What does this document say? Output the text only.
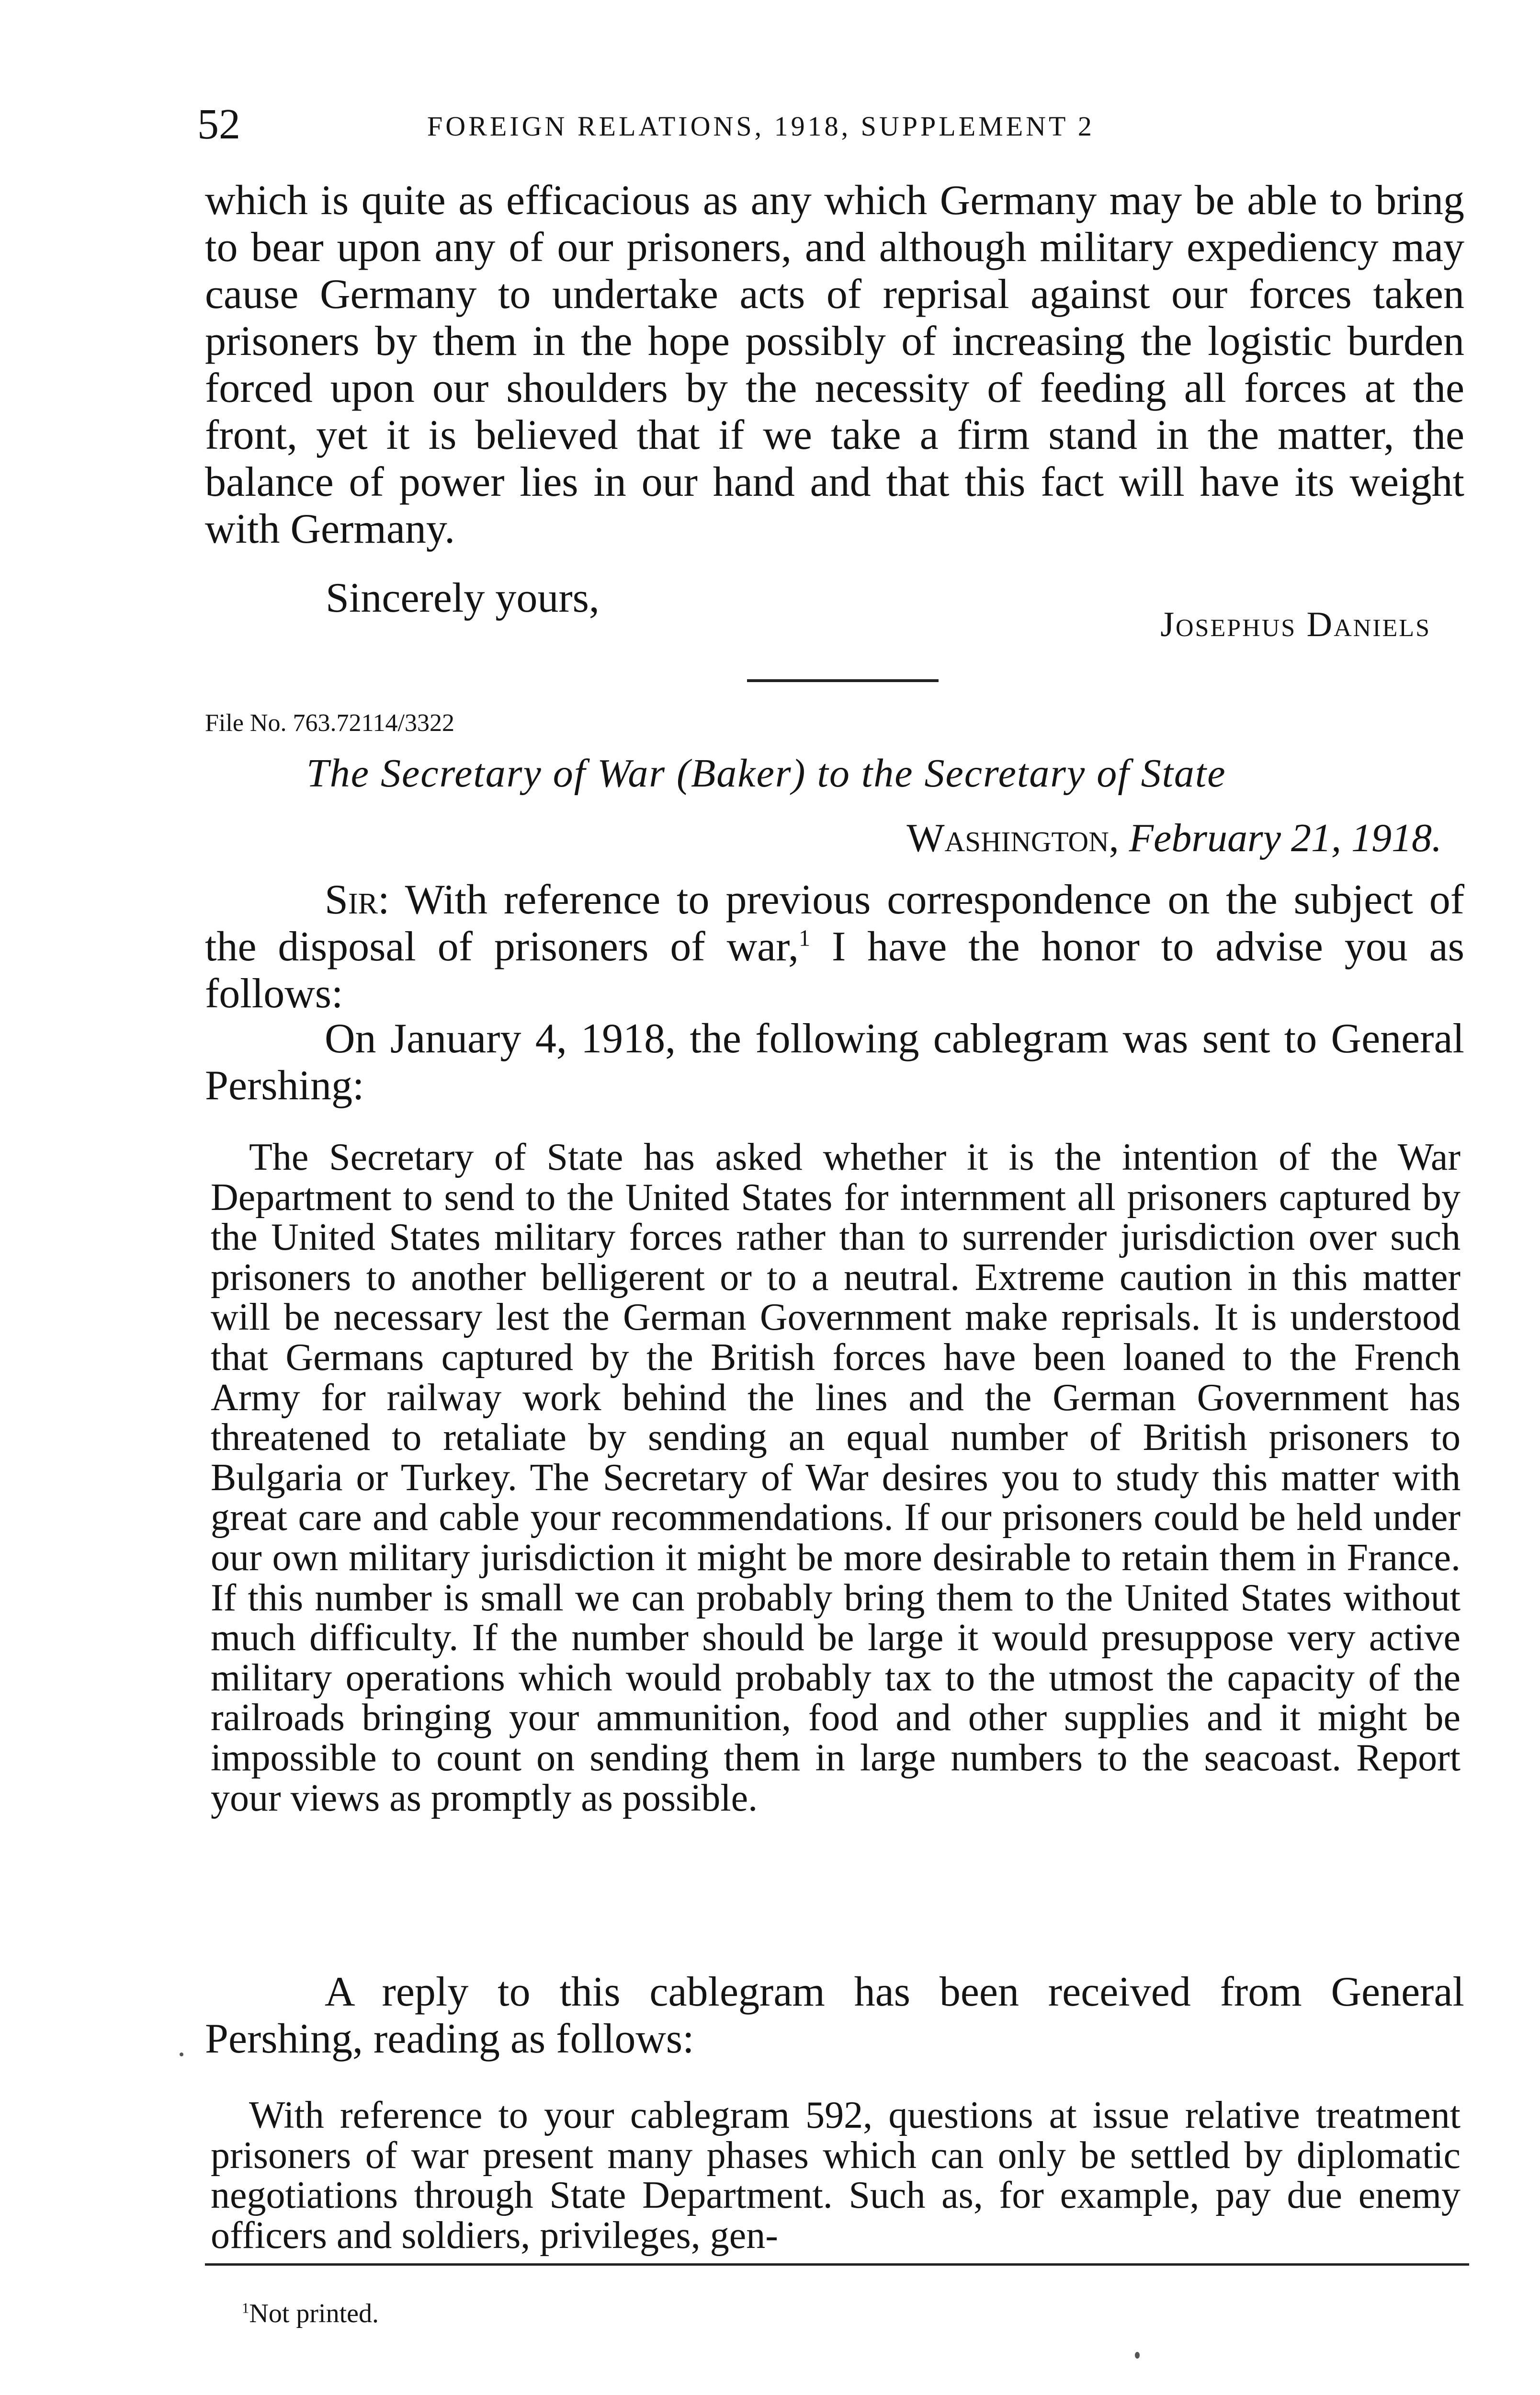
52	FOREIGN RELATIONS, 1918, SUPPLEMENT 2

which is quite as efficacious as any which Germany may be able to bring to bear upon any of our prisoners, and although military expediency may cause Germany to undertake acts of reprisal against our forces taken prisoners by them in the hope possibly of increasing the logistic burden forced upon our shoulders by the necessity of feeding all forces at the front, yet it is believed that if we take a firm stand in the matter, the balance of power lies in our hand and that this fact will have its weight with Germany.

Sincerely yours,
Josephus Daniels
File No. 763.72114/3322
The Secretary of War (Baker) to the Secretary of State
Washington, February 21, 1918.

Sir: With reference to previous correspondence on the subject of the disposal of prisoners of war,$^1$ I have the honor to advise you as follows:

On January 4, 1918, the following cablegram was sent to General Pershing:

The Secretary of State has asked whether it is the intention of the War Department to send to the United States for internment all prisoners captured by the United States military forces rather than to surrender jurisdiction over such prisoners to another belligerent or to a neutral. Extreme caution in this matter will be necessary lest the German Government make reprisals. It is understood that Germans captured by the British forces have been loaned to the French Army for railway work behind the lines and the German Government has threatened to retaliate by sending an equal number of British prisoners to Bulgaria or Turkey. The Secretary of War desires you to study this matter with great care and cable your recommendations. If our prisoners could be held under our own military jurisdiction it might be more desirable to retain them in France. If this number is small we can probably bring them to the United States without much difficulty. If the number should be large it would presuppose very active military operations which would probably tax to the utmost the capacity of the railroads bringing your ammunition, food and other supplies and it might be impossible to count on sending them in large numbers to the seacoast. Report your views as promptly as possible.

A reply to this cablegram has been received from General Pershing, reading as follows:

With reference to your cablegram 592, questions at issue relative treatment prisoners of war present many phases which can only be settled by diplomatic negotiations through State Department. Such as, for example, pay due enemy officers and soldiers, privileges, gen-

$^1$Not printed.
